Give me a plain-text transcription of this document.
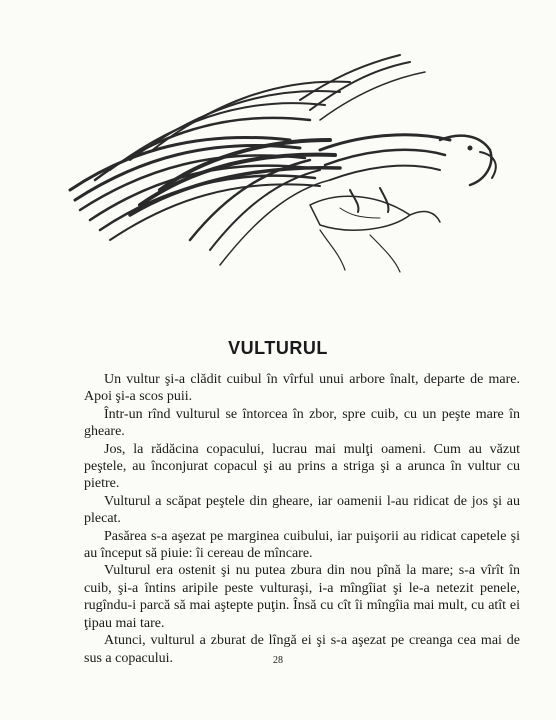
VULTURUL

Un vultur şi-a clădit cuibul în vîrful unui arbore înalt, departe de mare. Apoi şi-a scos puii.

Într-un rînd vulturul se întorcea în zbor, spre cuib, cu un peşte mare în gheare.

Jos, la rădăcina copacului, lucrau mai mulţi oameni. Cum au văzut peştele, au înconjurat copacul şi au prins a striga şi a arunca în vultur cu pietre.

Vulturul a scăpat peştele din gheare, iar oamenii l-au ridicat de jos şi au plecat.

Pasărea s-a aşezat pe marginea cuibului, iar puişorii au ridicat capetele şi au început să piuie: îi cereau de mîncare.

Vulturul era ostenit şi nu putea zbura din nou pînă la mare; s-a vîrît în cuib, şi-a întins aripile peste vulturaşi, i-a mîngîiat şi le-a netezit penele, rugîndu-i parcă să mai aştepte puţin. Însă cu cît îi mîngîia mai mult, cu atît ei ţipau mai tare.

Atunci, vulturul a zburat de lîngă ei şi s-a aşezat pe creanga cea mai de sus a copacului.	28
